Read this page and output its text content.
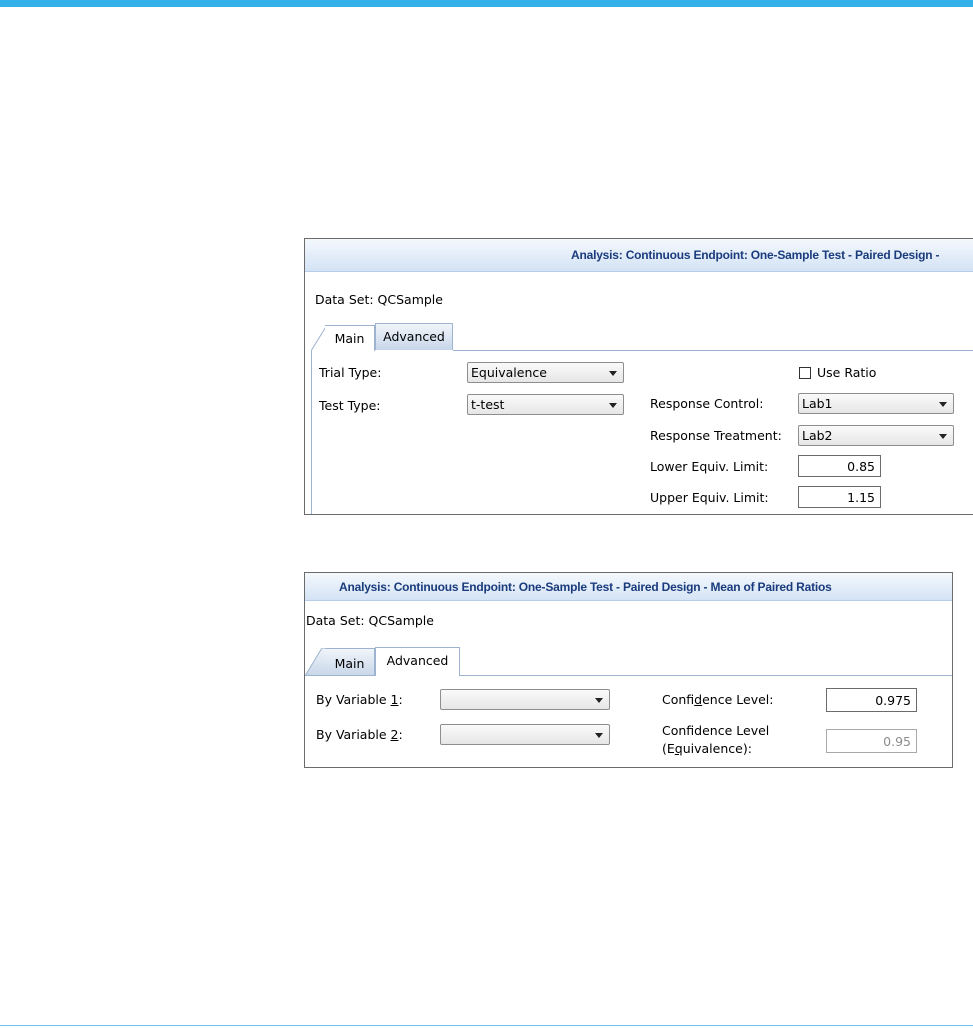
Analysis: Continuous Endpoint: One-Sample Test - Paired Design -
Data Set: QCSample
Main	Advanced
Trial Type:	Equivalence
Test Type:	t-test
Use Ratio
Response Control:	Lab1
Response Treatment:	Lab2
Lower Equiv. Limit:	0.85
Upper Equiv. Limit:	1.15
Analysis: Continuous Endpoint: One-Sample Test - Paired Design - Mean of Paired Ratios
Data Set: QCSample
Main	Advanced
By Variable 1:
By Variable 2:
Confidence Level:	0.975
Confidence Level
(Equivalence):	0.95
